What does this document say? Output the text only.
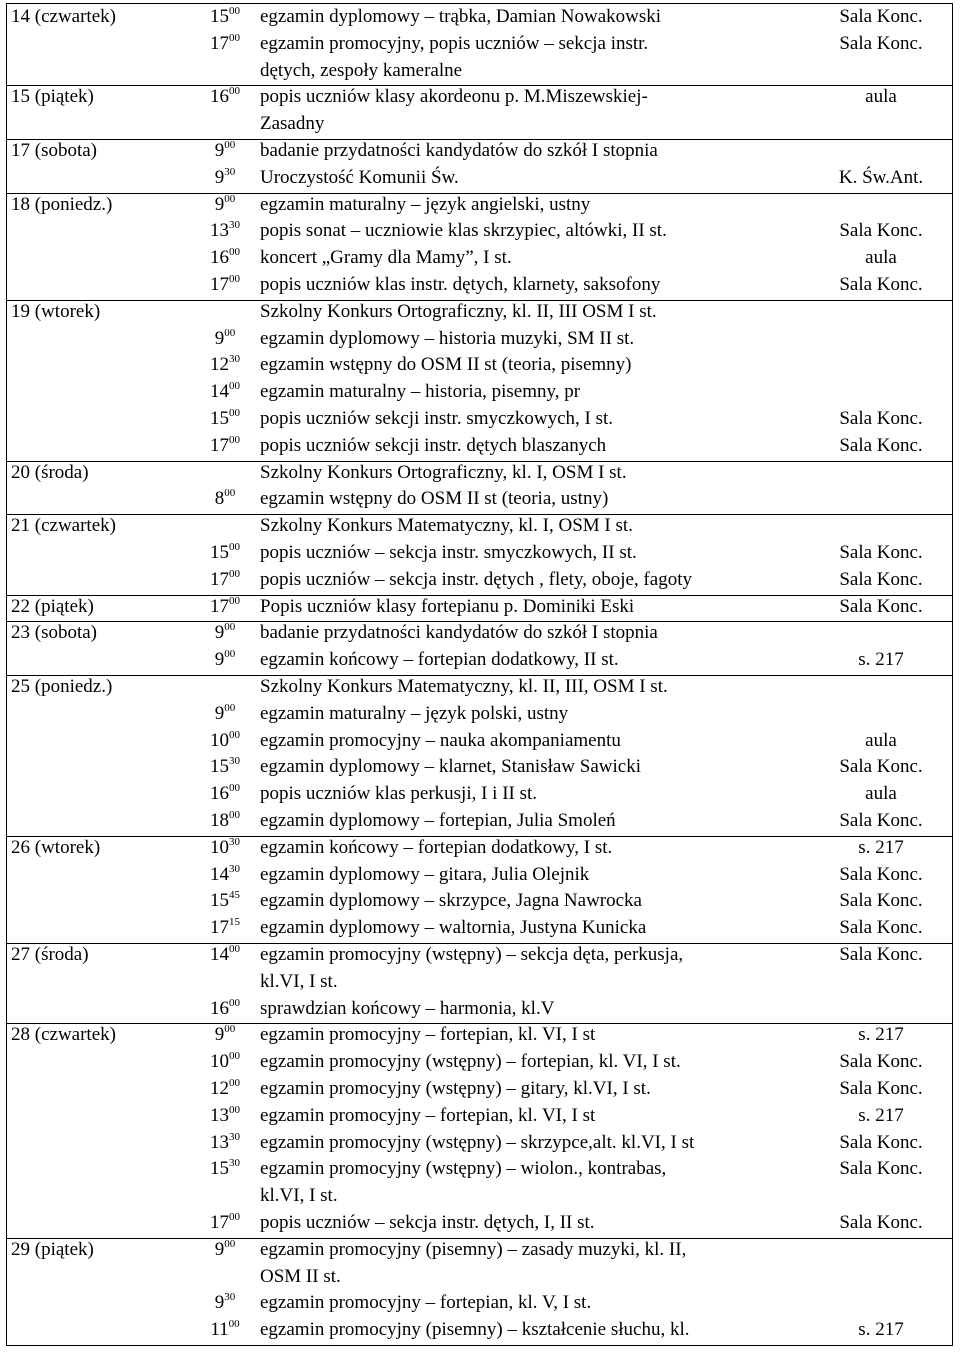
14 (czwartek)	$15^{00}$	egzamin dyplomowy – trąbka, Damian Nowakowski	Sala Konc.
$17^{00}$	egzamin promocyjny, popis uczniów – sekcja instr.	Sala Konc.
dętych, zespoły kameralne
15 (piątek)	$16^{00}$	popis uczniów klasy akordeonu p. M.Miszewskiej-	aula
Zasadny
17 (sobota)	$9^{00}$	badanie przydatności kandydatów do szkół I stopnia
$9^{30}$	Uroczystość Komunii Św.	K. Św.Ant.
18 (poniedz.)	$9^{00}$	egzamin maturalny – język angielski, ustny
$13^{30}$	popis sonat – uczniowie klas skrzypiec, altówki, II st.	Sala Konc.
$16^{00}$	koncert „Gramy dla Mamy”, I st.	aula
$17^{00}$	popis uczniów klas instr. dętych, klarnety, saksofony	Sala Konc.
19 (wtorek)	Szkolny Konkurs Ortograficzny, kl. II, III OSM I st.
$9^{00}$	egzamin dyplomowy – historia muzyki, SM II st.
$12^{30}$	egzamin wstępny do OSM II st (teoria, pisemny)
$14^{00}$	egzamin maturalny – historia, pisemny, pr
$15^{00}$	popis uczniów sekcji instr. smyczkowych, I st.	Sala Konc.
$17^{00}$	popis uczniów sekcji instr. dętych blaszanych	Sala Konc.
20 (środa)	Szkolny Konkurs Ortograficzny, kl. I, OSM I st.
$8^{00}$	egzamin wstępny do OSM II st (teoria, ustny)
21 (czwartek)	Szkolny Konkurs Matematyczny, kl. I, OSM I st.
$15^{00}$	popis uczniów – sekcja instr. smyczkowych, II st.	Sala Konc.
$17^{00}$	popis uczniów – sekcja instr. dętych , flety, oboje, fagoty	Sala Konc.
22 (piątek)	$17^{00}$	Popis uczniów klasy fortepianu p. Dominiki Eski	Sala Konc.
23 (sobota)	$9^{00}$	badanie przydatności kandydatów do szkół I stopnia
$9^{00}$	egzamin końcowy – fortepian dodatkowy, II st.	s. 217
25 (poniedz.)	Szkolny Konkurs Matematyczny, kl. II, III, OSM I st.
$9^{00}$	egzamin maturalny – język polski, ustny
$10^{00}$	egzamin promocyjny – nauka akompaniamentu	aula
$15^{30}$	egzamin dyplomowy – klarnet, Stanisław Sawicki	Sala Konc.
$16^{00}$	popis uczniów klas perkusji, I i II st.	aula
$18^{00}$	egzamin dyplomowy – fortepian, Julia Smoleń	Sala Konc.
26 (wtorek)	$10^{30}$	egzamin końcowy – fortepian dodatkowy, I st.	s. 217
$14^{30}$	egzamin dyplomowy – gitara, Julia Olejnik	Sala Konc.
$15^{45}$	egzamin dyplomowy – skrzypce, Jagna Nawrocka	Sala Konc.
$17^{15}$	egzamin dyplomowy – waltornia, Justyna Kunicka	Sala Konc.
27 (środa)	$14^{00}$	egzamin promocyjny (wstępny) – sekcja dęta, perkusja,	Sala Konc.
kl.VI, I st.
$16^{00}$	sprawdzian końcowy – harmonia, kl.V
28 (czwartek)	$9^{00}$	egzamin promocyjny – fortepian, kl. VI, I st	s. 217
$10^{00}$	egzamin promocyjny (wstępny) – fortepian, kl. VI, I st.	Sala Konc.
$12^{00}$	egzamin promocyjny (wstępny) – gitary, kl.VI, I st.	Sala Konc.
$13^{00}$	egzamin promocyjny – fortepian, kl. VI, I st	s. 217
$13^{30}$	egzamin promocyjny (wstępny) – skrzypce,alt. kl.VI, I st	Sala Konc.
$15^{30}$	egzamin promocyjny (wstępny) – wiolon., kontrabas,	Sala Konc.
kl.VI, I st.
$17^{00}$	popis uczniów – sekcja instr. dętych, I, II st.	Sala Konc.
29 (piątek)	$9^{00}$	egzamin promocyjny (pisemny) – zasady muzyki, kl. II,
OSM II st.
$9^{30}$	egzamin promocyjny – fortepian, kl. V, I st.
$11^{00}$	egzamin promocyjny (pisemny) – kształcenie słuchu, kl.	s. 217
